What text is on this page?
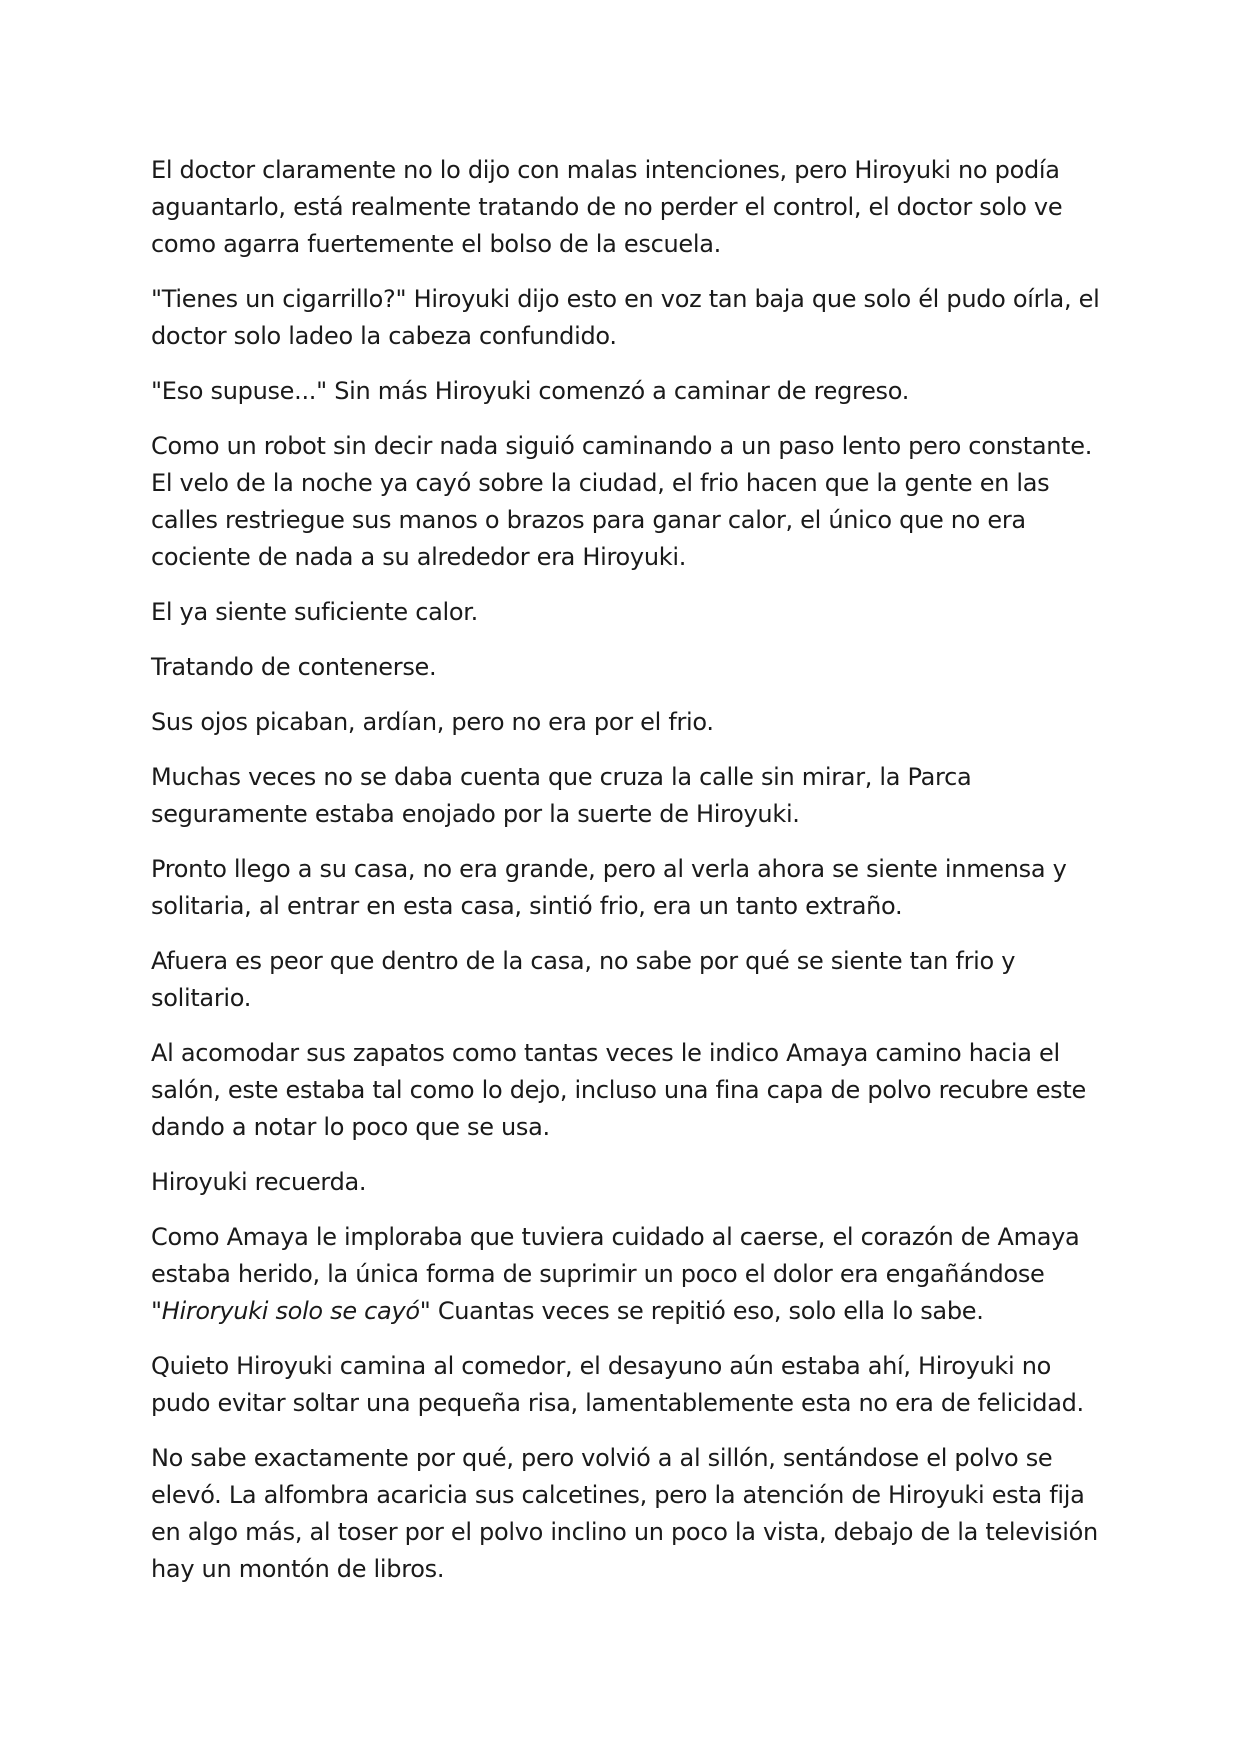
El doctor claramente no lo dijo con malas intenciones, pero Hiroyuki no podía aguantarlo, está realmente tratando de no perder el control, el doctor solo ve como agarra fuertemente el bolso de la escuela.

"Tienes un cigarrillo?" Hiroyuki dijo esto en voz tan baja que solo él pudo oírla, el doctor solo ladeo la cabeza confundido.

"Eso supuse..." Sin más Hiroyuki comenzó a caminar de regreso.

Como un robot sin decir nada siguió caminando a un paso lento pero constante. El velo de la noche ya cayó sobre la ciudad, el frio hacen que la gente en las calles restriegue sus manos o brazos para ganar calor, el único que no era cociente de nada a su alrededor era Hiroyuki.

El ya siente suficiente calor.

Tratando de contenerse.

Sus ojos picaban, ardían, pero no era por el frio.

Muchas veces no se daba cuenta que cruza la calle sin mirar, la Parca seguramente estaba enojado por la suerte de Hiroyuki.

Pronto llego a su casa, no era grande, pero al verla ahora se siente inmensa y solitaria, al entrar en esta casa, sintió frio, era un tanto extraño.

Afuera es peor que dentro de la casa, no sabe por qué se siente tan frio y solitario.

Al acomodar sus zapatos como tantas veces le indico Amaya camino hacia el salón, este estaba tal como lo dejo, incluso una fina capa de polvo recubre este dando a notar lo poco que se usa.

Hiroyuki recuerda.

Como Amaya le imploraba que tuviera cuidado al caerse, el corazón de Amaya estaba herido, la única forma de suprimir un poco el dolor era engañándose "Hiroryuki solo se cayó" Cuantas veces se repitió eso, solo ella lo sabe.

Quieto Hiroyuki camina al comedor, el desayuno aún estaba ahí, Hiroyuki no pudo evitar soltar una pequeña risa, lamentablemente esta no era de felicidad.

No sabe exactamente por qué, pero volvió a al sillón, sentándose el polvo se elevó. La alfombra acaricia sus calcetines, pero la atención de Hiroyuki esta fija en algo más, al toser por el polvo inclino un poco la vista, debajo de la televisión hay un montón de libros.
